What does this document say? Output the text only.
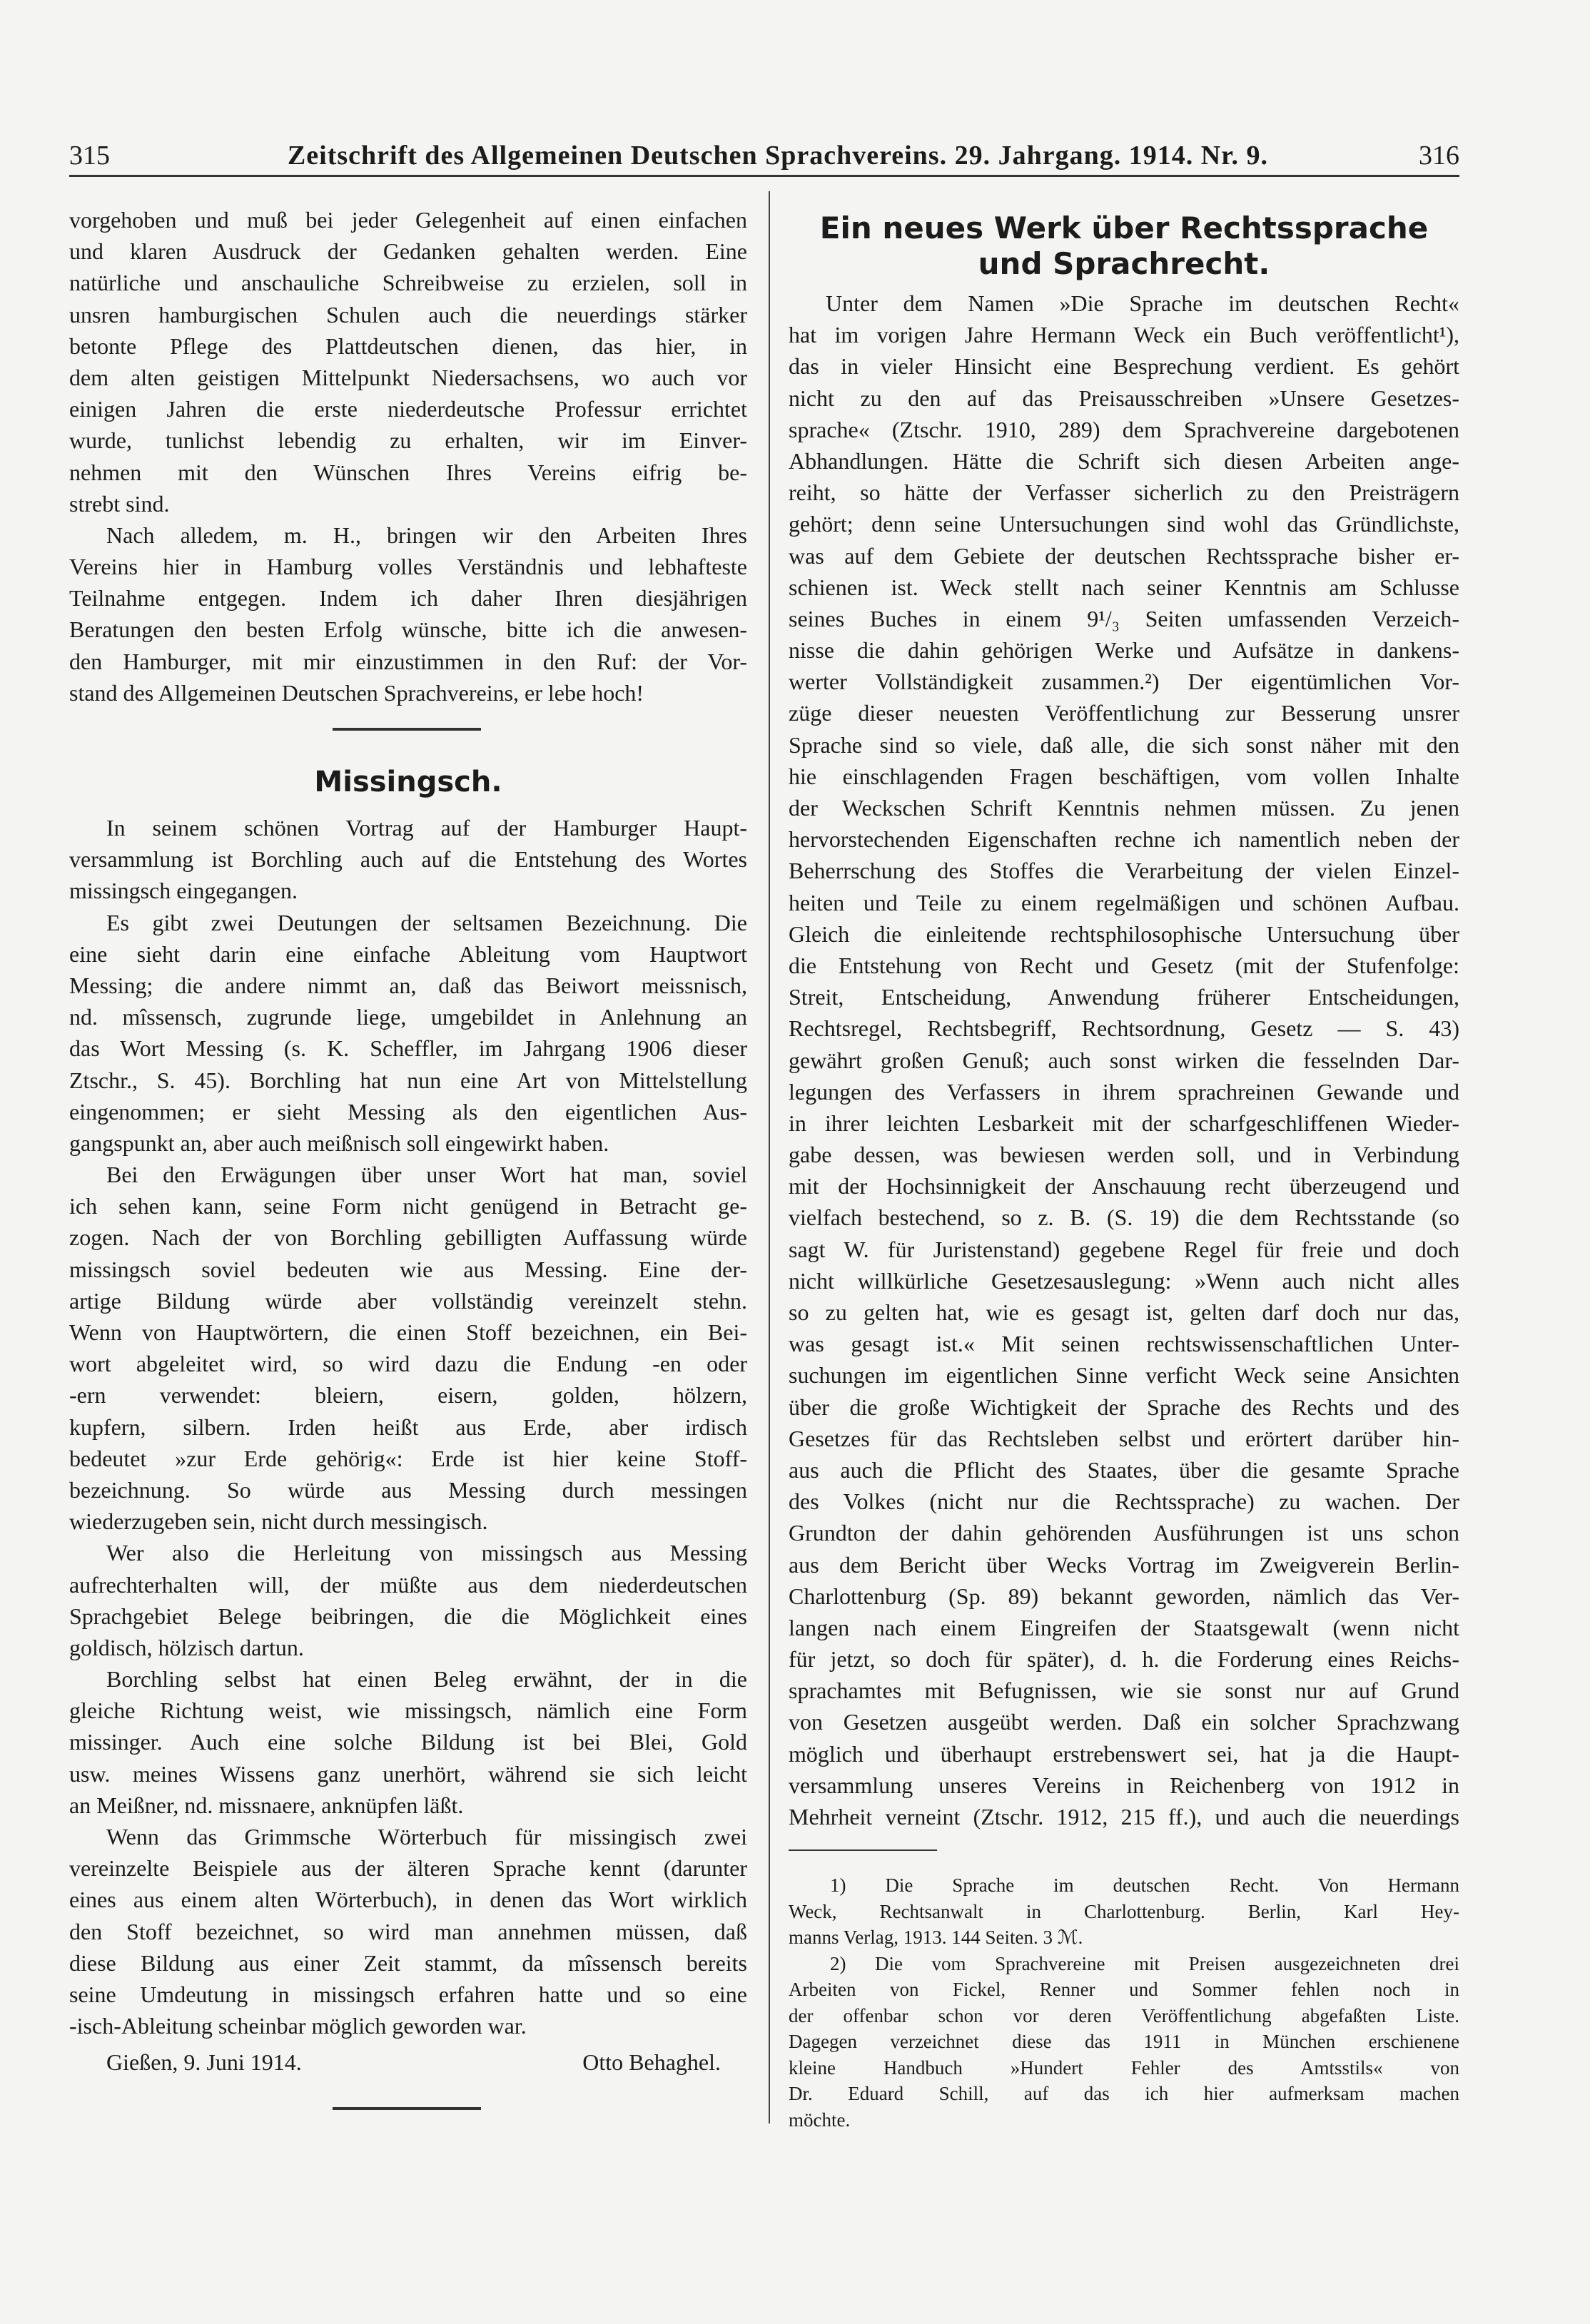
315	Zeitschrift des Allgemeinen Deutschen Sprachvereins. 29. Jahrgang. 1914. Nr. 9.	316
vorgehoben und muß bei jeder Gelegenheit auf einen einfachen
und klaren Ausdruck der Gedanken gehalten werden. Eine
natürliche und anschauliche Schreibweise zu erzielen, soll in
unsren hamburgischen Schulen auch die neuerdings stärker
betonte Pflege des Plattdeutschen dienen, das hier, in
dem alten geistigen Mittelpunkt Niedersachsens, wo auch vor
einigen Jahren die erste niederdeutsche Professur errichtet
wurde, tunlichst lebendig zu erhalten, wir im Einver-
nehmen mit den Wünschen Ihres Vereins eifrig be-
strebt sind.
Nach alledem, m. H., bringen wir den Arbeiten Ihres
Vereins hier in Hamburg volles Verständnis und lebhafteste
Teilnahme entgegen. Indem ich daher Ihren diesjährigen
Beratungen den besten Erfolg wünsche, bitte ich die anwesen-
den Hamburger, mit mir einzustimmen in den Ruf: der Vor-
stand des Allgemeinen Deutschen Sprachvereins, er lebe hoch!
Missingsch.
In seinem schönen Vortrag auf der Hamburger Haupt-
versammlung ist Borchling auch auf die Entstehung des Wortes
missingsch eingegangen.
Es gibt zwei Deutungen der seltsamen Bezeichnung. Die
eine sieht darin eine einfache Ableitung vom Hauptwort
Messing; die andere nimmt an, daß das Beiwort meissnisch,
nd. mîssensch, zugrunde liege, umgebildet in Anlehnung an
das Wort Messing (s. K. Scheffler, im Jahrgang 1906 dieser
Ztschr., S. 45). Borchling hat nun eine Art von Mittelstellung
eingenommen; er sieht Messing als den eigentlichen Aus-
gangspunkt an, aber auch meißnisch soll eingewirkt haben.
Bei den Erwägungen über unser Wort hat man, soviel
ich sehen kann, seine Form nicht genügend in Betracht ge-
zogen. Nach der von Borchling gebilligten Auffassung würde
missingsch soviel bedeuten wie aus Messing. Eine der-
artige Bildung würde aber vollständig vereinzelt stehn.
Wenn von Hauptwörtern, die einen Stoff bezeichnen, ein Bei-
wort abgeleitet wird, so wird dazu die Endung -en oder
-ern verwendet: bleiern, eisern, golden, hölzern,
kupfern, silbern. Irden heißt aus Erde, aber irdisch
bedeutet »zur Erde gehörig«: Erde ist hier keine Stoff-
bezeichnung. So würde aus Messing durch messingen
wiederzugeben sein, nicht durch messingisch.
Wer also die Herleitung von missingsch aus Messing
aufrechterhalten will, der müßte aus dem niederdeutschen
Sprachgebiet Belege beibringen, die die Möglichkeit eines
goldisch, hölzisch dartun.
Borchling selbst hat einen Beleg erwähnt, der in die
gleiche Richtung weist, wie missingsch, nämlich eine Form
missinger. Auch eine solche Bildung ist bei Blei, Gold
usw. meines Wissens ganz unerhört, während sie sich leicht
an Meißner, nd. missnaere, anknüpfen läßt.
Wenn das Grimmsche Wörterbuch für missingisch zwei
vereinzelte Beispiele aus der älteren Sprache kennt (darunter
eines aus einem alten Wörterbuch), in denen das Wort wirklich
den Stoff bezeichnet, so wird man annehmen müssen, daß
diese Bildung aus einer Zeit stammt, da mîssensch bereits
seine Umdeutung in missingsch erfahren hatte und so eine
-isch-Ableitung scheinbar möglich geworden war.
Gießen, 9. Juni 1914.	Otto Behaghel.
Ein neues Werk über Rechtssprache
und Sprachrecht.
Unter dem Namen »Die Sprache im deutschen Recht«
hat im vorigen Jahre Hermann Weck ein Buch veröffentlicht¹),
das in vieler Hinsicht eine Besprechung verdient. Es gehört
nicht zu den auf das Preisausschreiben »Unsere Gesetzes-
sprache« (Ztschr. 1910, 289) dem Sprachvereine dargebotenen
Abhandlungen. Hätte die Schrift sich diesen Arbeiten ange-
reiht, so hätte der Verfasser sicherlich zu den Preisträgern
gehört; denn seine Untersuchungen sind wohl das Gründlichste,
was auf dem Gebiete der deutschen Rechtssprache bisher er-
schienen ist. Weck stellt nach seiner Kenntnis am Schlusse
seines Buches in einem 9¹/₃ Seiten umfassenden Verzeich-
nisse die dahin gehörigen Werke und Aufsätze in dankens-
werter Vollständigkeit zusammen.²) Der eigentümlichen Vor-
züge dieser neuesten Veröffentlichung zur Besserung unsrer
Sprache sind so viele, daß alle, die sich sonst näher mit den
hie einschlagenden Fragen beschäftigen, vom vollen Inhalte
der Weckschen Schrift Kenntnis nehmen müssen. Zu jenen
hervorstechenden Eigenschaften rechne ich namentlich neben der
Beherrschung des Stoffes die Verarbeitung der vielen Einzel-
heiten und Teile zu einem regelmäßigen und schönen Aufbau.
Gleich die einleitende rechtsphilosophische Untersuchung über
die Entstehung von Recht und Gesetz (mit der Stufenfolge:
Streit, Entscheidung, Anwendung früherer Entscheidungen,
Rechtsregel, Rechtsbegriff, Rechtsordnung, Gesetz — S. 43)
gewährt großen Genuß; auch sonst wirken die fesselnden Dar-
legungen des Verfassers in ihrem sprachreinen Gewande und
in ihrer leichten Lesbarkeit mit der scharfgeschliffenen Wieder-
gabe dessen, was bewiesen werden soll, und in Verbindung
mit der Hochsinnigkeit der Anschauung recht überzeugend und
vielfach bestechend, so z. B. (S. 19) die dem Rechtsstande (so
sagt W. für Juristenstand) gegebene Regel für freie und doch
nicht willkürliche Gesetzesauslegung: »Wenn auch nicht alles
so zu gelten hat, wie es gesagt ist, gelten darf doch nur das,
was gesagt ist.« Mit seinen rechtswissenschaftlichen Unter-
suchungen im eigentlichen Sinne verficht Weck seine Ansichten
über die große Wichtigkeit der Sprache des Rechts und des
Gesetzes für das Rechtsleben selbst und erörtert darüber hin-
aus auch die Pflicht des Staates, über die gesamte Sprache
des Volkes (nicht nur die Rechtssprache) zu wachen. Der
Grundton der dahin gehörenden Ausführungen ist uns schon
aus dem Bericht über Wecks Vortrag im Zweigverein Berlin-
Charlottenburg (Sp. 89) bekannt geworden, nämlich das Ver-
langen nach einem Eingreifen der Staatsgewalt (wenn nicht
für jetzt, so doch für später), d. h. die Forderung eines Reichs-
sprachamtes mit Befugnissen, wie sie sonst nur auf Grund
von Gesetzen ausgeübt werden. Daß ein solcher Sprachzwang
möglich und überhaupt erstrebenswert sei, hat ja die Haupt-
versammlung unseres Vereins in Reichenberg von 1912 in
Mehrheit verneint (Ztschr. 1912, 215 ff.), und auch die neuerdings
1) Die Sprache im deutschen Recht. Von Hermann
Weck, Rechtsanwalt in Charlottenburg. Berlin, Karl Hey-
manns Verlag, 1913. 144 Seiten. 3 ℳ.
2) Die vom Sprachvereine mit Preisen ausgezeichneten drei
Arbeiten von Fickel, Renner und Sommer fehlen noch in
der offenbar schon vor deren Veröffentlichung abgefaßten Liste.
Dagegen verzeichnet diese das 1911 in München erschienene
kleine Handbuch »Hundert Fehler des Amtsstils« von
Dr. Eduard Schill, auf das ich hier aufmerksam machen
möchte.
